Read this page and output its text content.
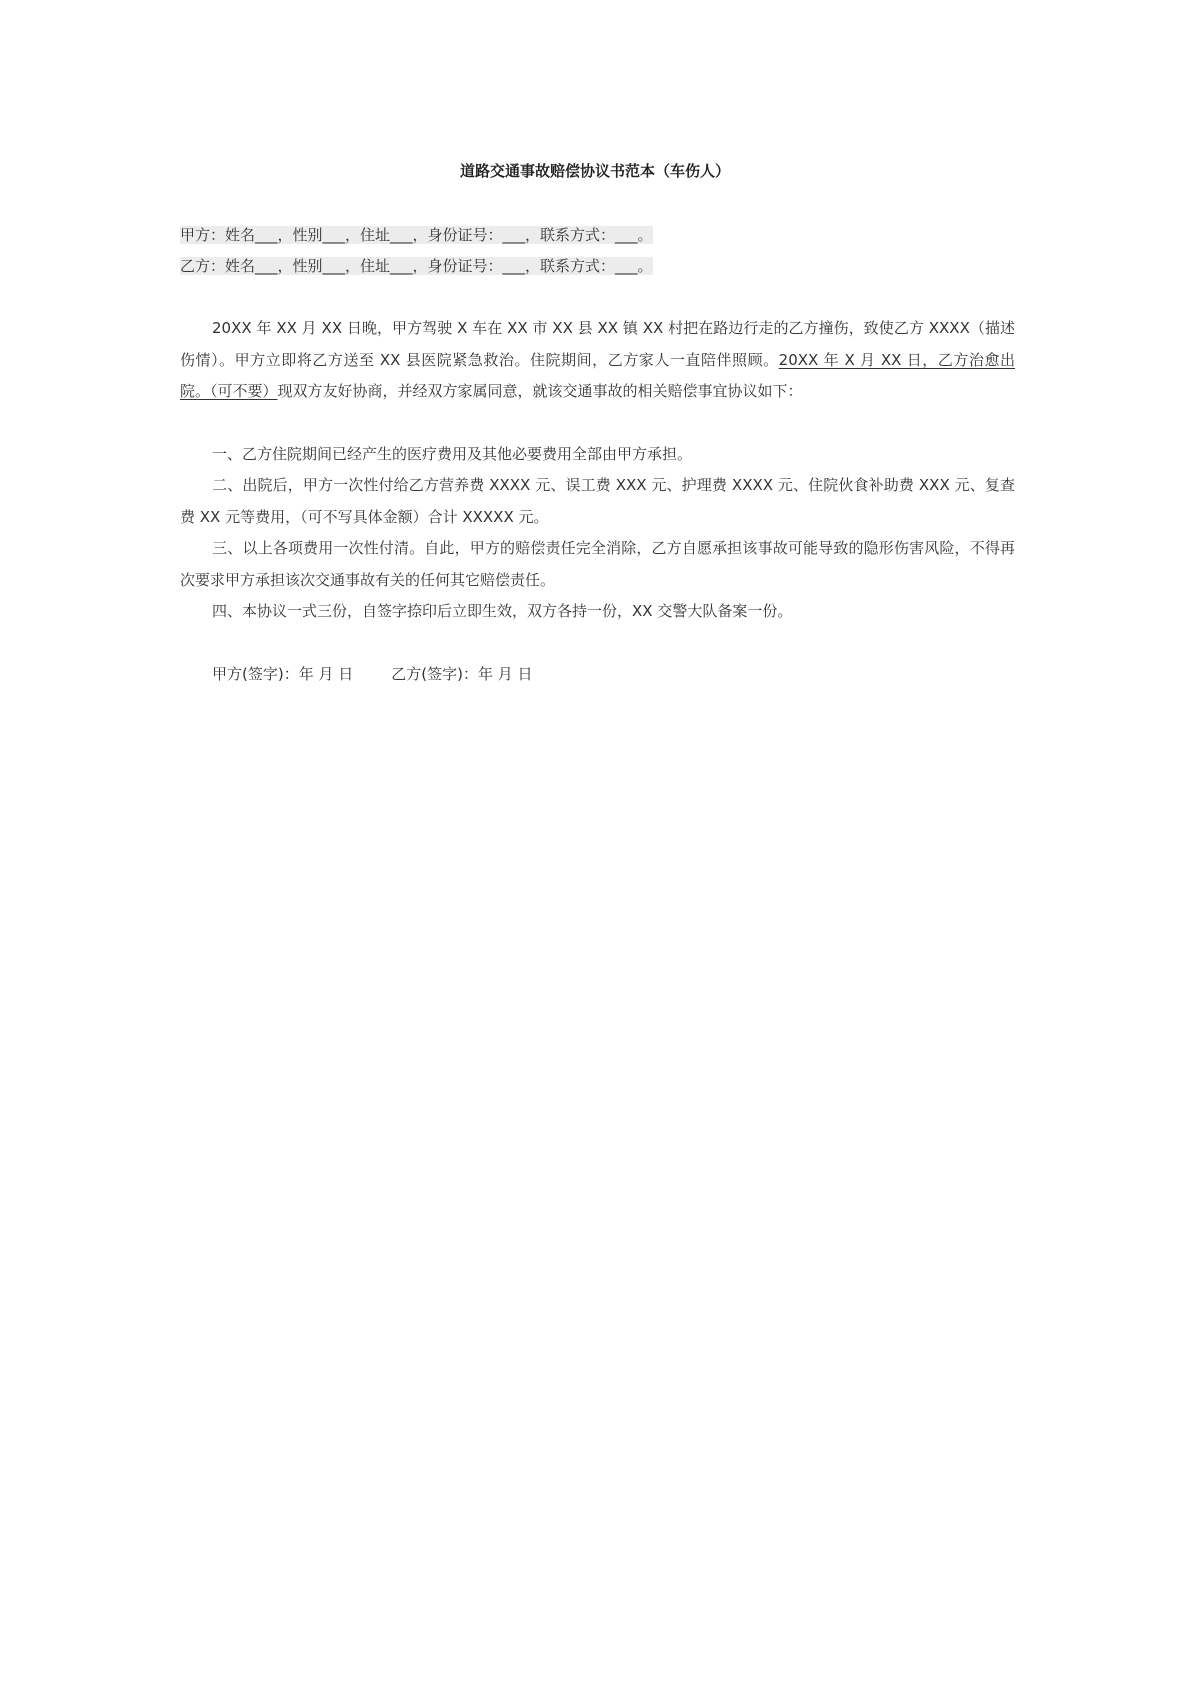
道路交通事故赔偿协议书范本（车伤人）
甲方：姓名___，性别___，住址___，身份证号：___，联系方式：___。
乙方：姓名___，性别___，住址___，身份证号：___，联系方式：___。
20XX 年 XX 月 XX 日晚，甲方驾驶 X 车在 XX 市 XX 县 XX 镇 XX 村把在路边行走的乙方撞伤，致使乙方 XXXX（描述伤情）。甲方立即将乙方送至 XX 县医院紧急救治。住院期间，乙方家人一直陪伴照顾。20XX 年 X 月 XX 日，乙方治愈出院。（可不要）现双方友好协商，并经双方家属同意，就该交通事故的相关赔偿事宜协议如下：
一、乙方住院期间已经产生的医疗费用及其他必要费用全部由甲方承担。
二、出院后，甲方一次性付给乙方营养费 XXXX 元、误工费 XXX 元、护理费 XXXX 元、住院伙食补助费 XXX 元、复查费 XX 元等费用，（可不写具体金额）合计 XXXXX 元。
三、以上各项费用一次性付清。自此，甲方的赔偿责任完全消除，乙方自愿承担该事故可能导致的隐形伤害风险，不得再次要求甲方承担该次交通事故有关的任何其它赔偿责任。
四、本协议一式三份，自签字捺印后立即生效，双方各持一份，XX 交警大队备案一份。
甲方(签字)：年 月 日	乙方(签字)：年 月 日
